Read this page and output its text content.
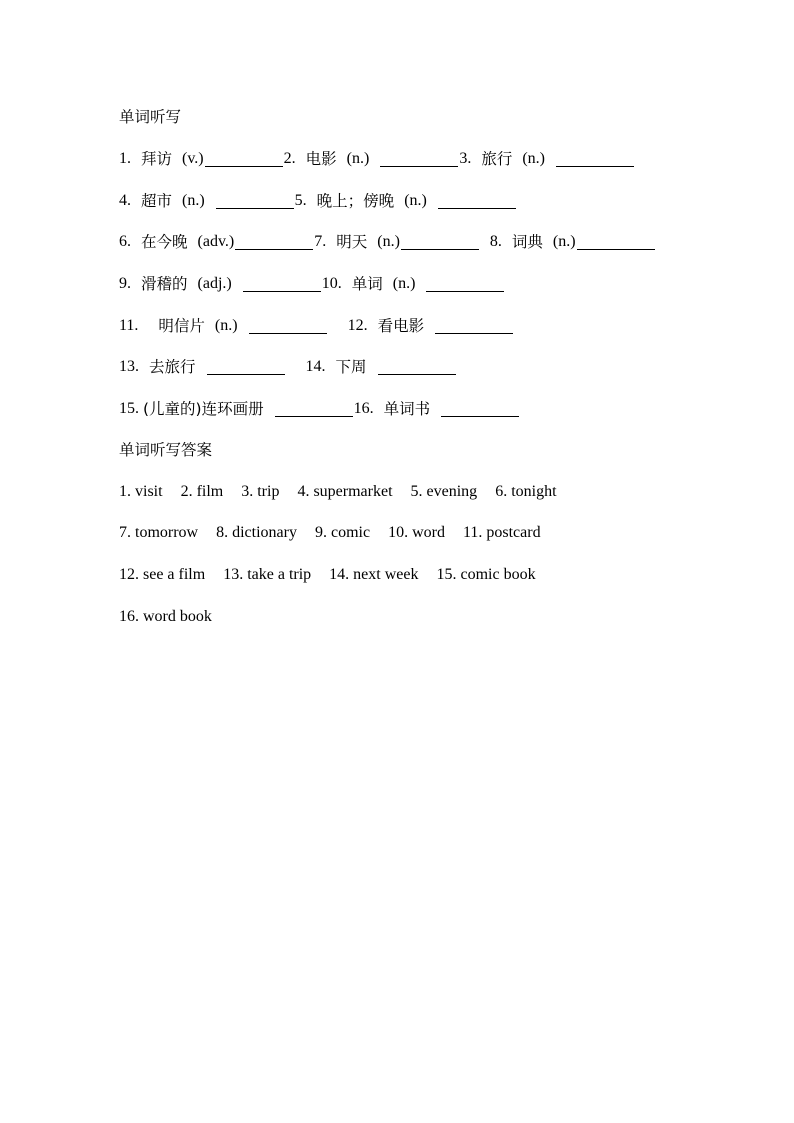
单词听写
1. 拜访 (v.)	2. 电影 (n.)	3. 旅行 (n.)
4. 超市 (n.)	5. 晚上；傍晚 (n.)
6. 在今晚 (adv.)	7. 明天 (n.)	8. 词典 (n.)
9. 滑稽的 (adj.)	10. 单词 (n.)
11. 明信片 (n.)	12. 看电影
13. 去旅行	14. 下周
15. (儿童的)连环画册	16. 单词书
单词听写答案
1. visit 2. film 3. trip 4. supermarket 5. evening 6. tonight
7. tomorrow 8. dictionary 9. comic 10. word 11. postcard
12. see a film 13. take a trip 14. next week 15. comic book
16. word book
